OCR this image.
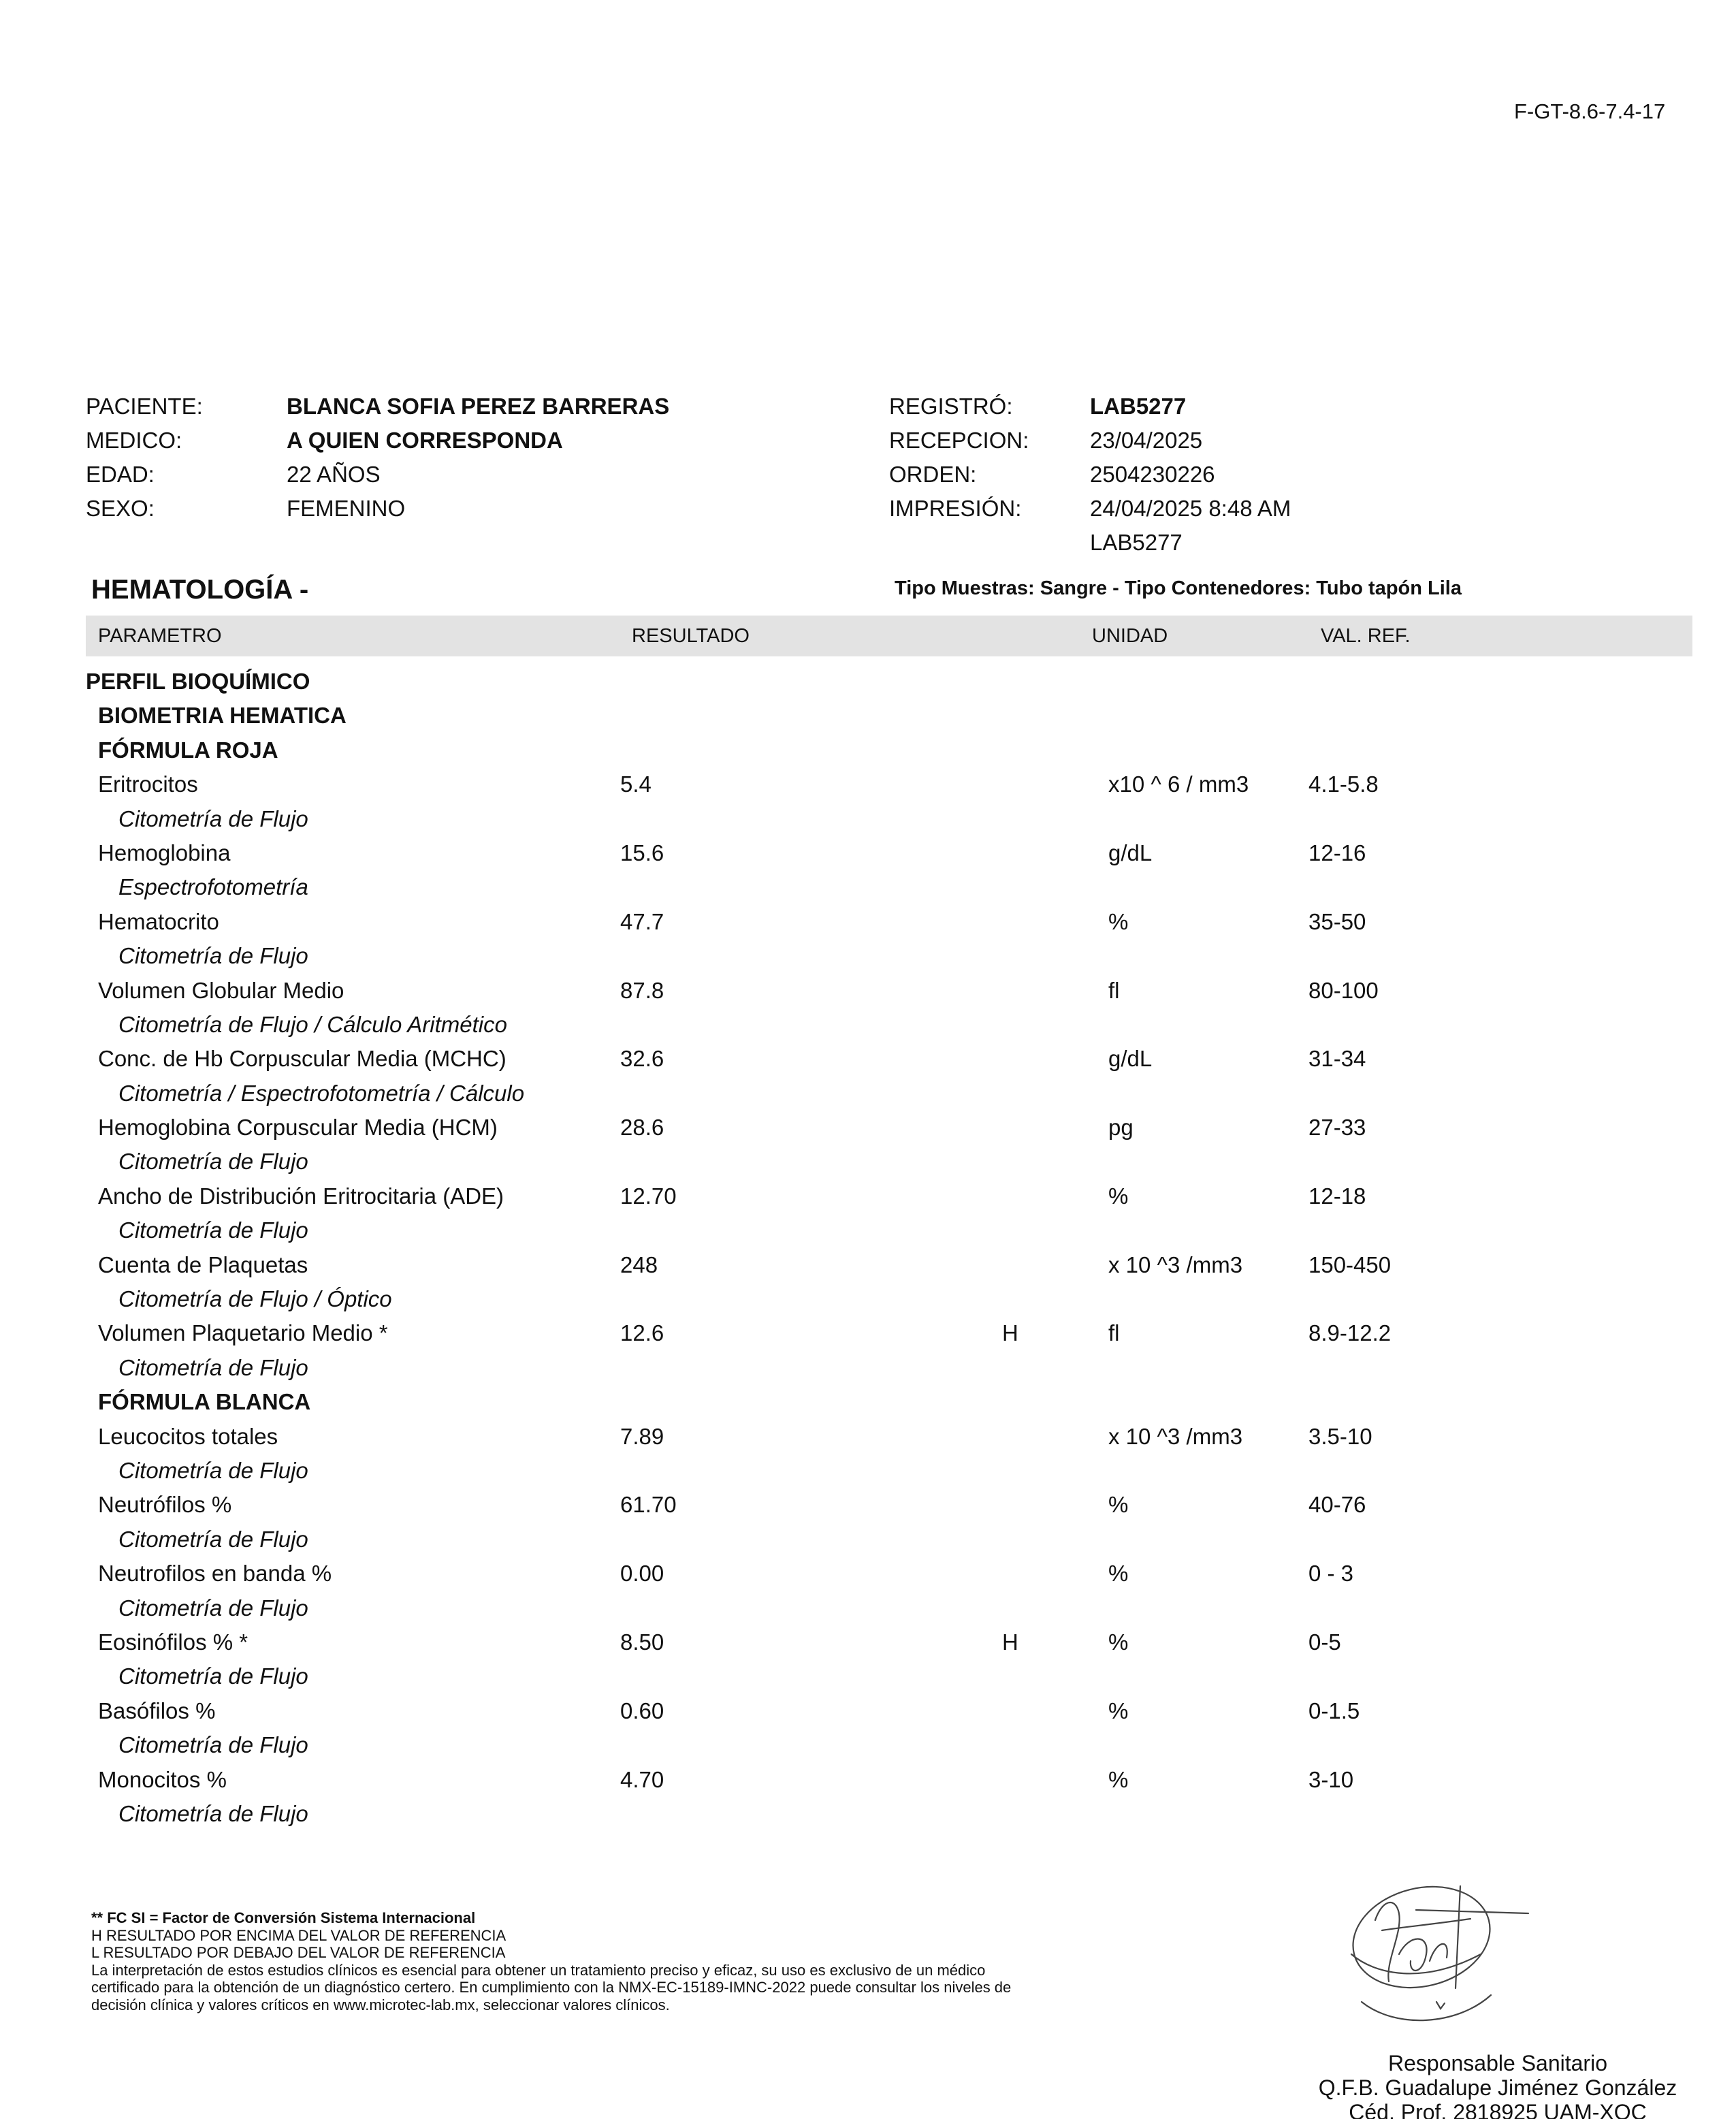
F-GT-8.6-7.4-17
PACIENTE:	BLANCA SOFIA PEREZ BARRERAS
MEDICO:	A QUIEN CORRESPONDA
EDAD:	22 AÑOS
SEXO:	FEMENINO
REGISTRÓ:	LAB5277
RECEPCION:	23/04/2025
ORDEN:	2504230226
IMPRESIÓN:	24/04/2025 8:48 AM
LAB5277
HEMATOLOGÍA -	Tipo Muestras: Sangre - Tipo Contenedores: Tubo tapón Lila
PARAMETRO	RESULTADO	UNIDAD	VAL. REF.
PERFIL BIOQUÍMICO
BIOMETRIA HEMATICA
FÓRMULA ROJA
Eritrocitos	5.4	x10 ^ 6 / mm3	4.1-5.8
Citometría de Flujo
Hemoglobina	15.6	g/dL	12-16
Espectrofotometría
Hematocrito	47.7	%	35-50
Citometría de Flujo
Volumen Globular Medio	87.8	fl	80-100
Citometría de Flujo / Cálculo Aritmético
Conc. de Hb Corpuscular Media (MCHC)	32.6	g/dL	31-34
Citometría / Espectrofotometría / Cálculo
Hemoglobina Corpuscular Media (HCM)	28.6	pg	27-33
Citometría de Flujo
Ancho de Distribución Eritrocitaria (ADE)	12.70	%	12-18
Citometría de Flujo
Cuenta de Plaquetas	248	x 10 ^3 /mm3	150-450
Citometría de Flujo / Óptico
Volumen Plaquetario Medio *	12.6	H	fl	8.9-12.2
Citometría de Flujo
FÓRMULA BLANCA
Leucocitos totales	7.89	x 10 ^3 /mm3	3.5-10
Citometría de Flujo
Neutrófilos %	61.70	%	40-76
Citometría de Flujo
Neutrofilos en banda %	0.00	%	0 - 3
Citometría de Flujo
Eosinófilos % *	8.50	H	%	0-5
Citometría de Flujo
Basófilos %	0.60	%	0-1.5
Citometría de Flujo
Monocitos %	4.70	%	3-10
Citometría de Flujo
** FC SI = Factor de Conversión Sistema Internacional
H RESULTADO POR ENCIMA DEL VALOR DE REFERENCIA
L RESULTADO POR DEBAJO DEL VALOR DE REFERENCIA
La interpretación de estos estudios clínicos es esencial para obtener un tratamiento preciso y eficaz, su uso es exclusivo de un médico
certificado para la obtención de un diagnóstico certero. En cumplimiento con la NMX-EC-15189-IMNC-2022 puede consultar los niveles de
decisión clínica y valores críticos en www.microtec-lab.mx, seleccionar valores clínicos.
Responsable Sanitario
Q.F.B. Guadalupe Jiménez González
Céd. Prof. 2818925 UAM-XOC
